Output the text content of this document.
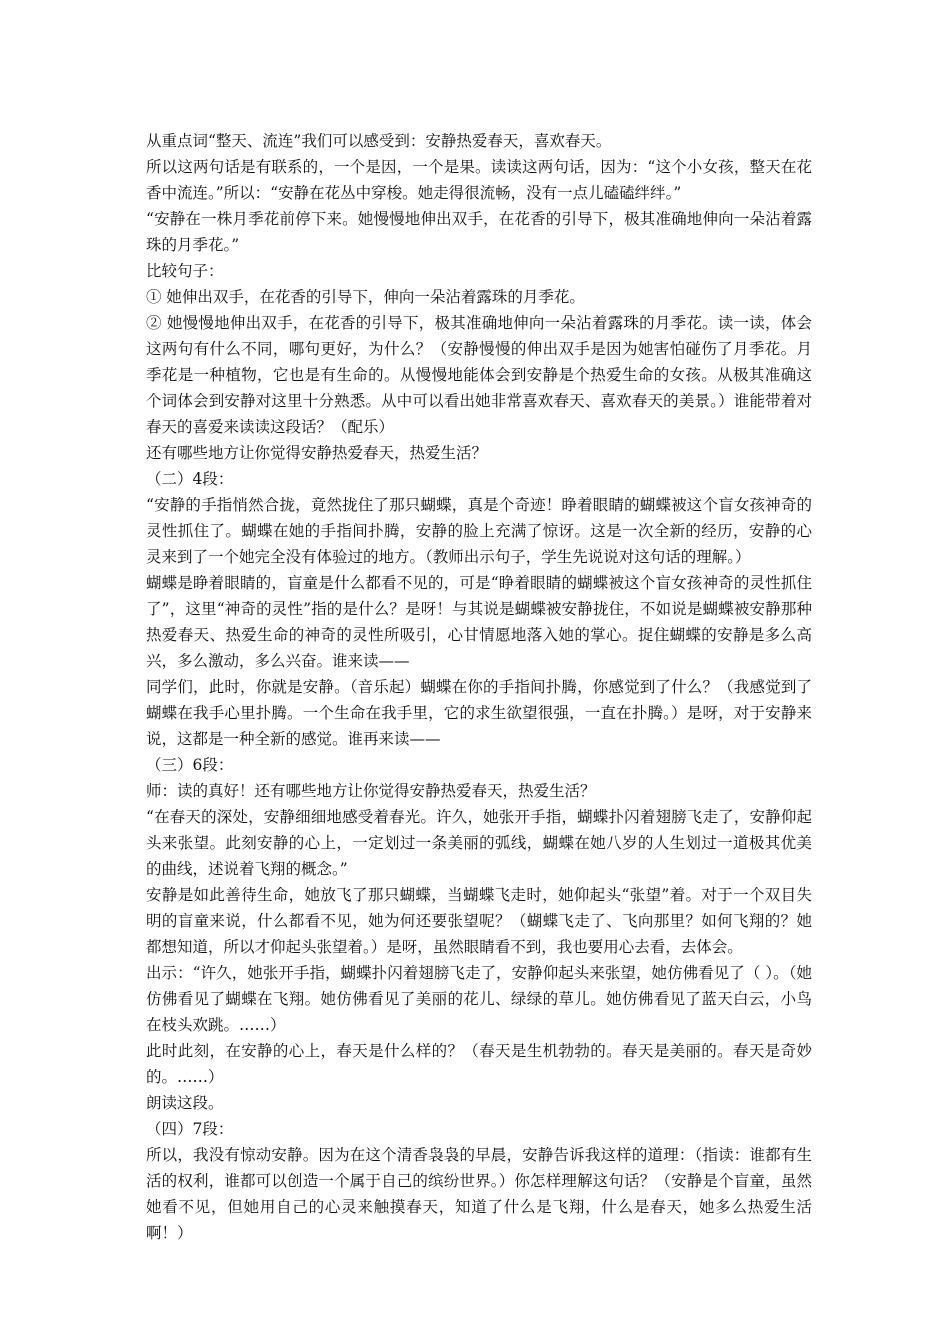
从重点词“整天、流连”我们可以感受到：安静热爱春天，喜欢春天。

所以这两句话是有联系的，一个是因，一个是果。读读这两句话，因为：“这个小女孩，整天在花香中流连。”所以：“安静在花丛中穿梭。她走得很流畅，没有一点儿磕磕绊绊。”

“安静在一株月季花前停下来。她慢慢地伸出双手，在花香的引导下，极其准确地伸向一朵沾着露珠的月季花。”

比较句子：

① 她伸出双手，在花香的引导下，伸向一朵沾着露珠的月季花。

② 她慢慢地伸出双手，在花香的引导下，极其准确地伸向一朵沾着露珠的月季花。读一读，体会这两句有什么不同，哪句更好，为什么？（安静慢慢的伸出双手是因为她害怕碰伤了月季花。月季花是一种植物，它也是有生命的。从慢慢地能体会到安静是个热爱生命的女孩。从极其准确这个词体会到安静对这里十分熟悉。从中可以看出她非常喜欢春天、喜欢春天的美景。）谁能带着对春天的喜爱来读读这段话？（配乐）

还有哪些地方让你觉得安静热爱春天，热爱生活？

（二）4段：

“安静的手指悄然合拢，竟然拢住了那只蝴蝶，真是个奇迹！睁着眼睛的蝴蝶被这个盲女孩神奇的灵性抓住了。蝴蝶在她的手指间扑腾，安静的脸上充满了惊讶。这是一次全新的经历，安静的心灵来到了一个她完全没有体验过的地方。（教师出示句子，学生先说说对这句话的理解。）

蝴蝶是睁着眼睛的，盲童是什么都看不见的，可是“睁着眼睛的蝴蝶被这个盲女孩神奇的灵性抓住了”，这里“神奇的灵性”指的是什么？是呀！与其说是蝴蝶被安静拢住，不如说是蝴蝶被安静那种热爱春天、热爱生命的神奇的灵性所吸引，心甘情愿地落入她的掌心。捉住蝴蝶的安静是多么高兴，多么激动，多么兴奋。谁来读——

同学们，此时，你就是安静。（音乐起）蝴蝶在你的手指间扑腾，你感觉到了什么？（我感觉到了蝴蝶在我手心里扑腾。一个生命在我手里，它的求生欲望很强，一直在扑腾。）是呀，对于安静来说，这都是一种全新的感觉。谁再来读——

（三）6段：

师：读的真好！还有哪些地方让你觉得安静热爱春天，热爱生活？

“在春天的深处，安静细细地感受着春光。许久，她张开手指，蝴蝶扑闪着翅膀飞走了，安静仰起头来张望。此刻安静的心上，一定划过一条美丽的弧线，蝴蝶在她八岁的人生划过一道极其优美的曲线，述说着飞翔的概念。”

安静是如此善待生命，她放飞了那只蝴蝶，当蝴蝶飞走时，她仰起头“张望”着。对于一个双目失明的盲童来说，什么都看不见，她为何还要张望呢？（蝴蝶飞走了、飞向那里？如何飞翔的？她都想知道，所以才仰起头张望着。）是呀，虽然眼睛看不到，我也要用心去看，去体会。

出示：“许久，她张开手指，蝴蝶扑闪着翅膀飞走了，安静仰起头来张望，她仿佛看见了（ ）。（她仿佛看见了蝴蝶在飞翔。她仿佛看见了美丽的花儿、绿绿的草儿。她仿佛看见了蓝天白云，小鸟在枝头欢跳。……）

此时此刻，在安静的心上，春天是什么样的？（春天是生机勃勃的。春天是美丽的。春天是奇妙的。……）

朗读这段。

（四）7段：

所以，我没有惊动安静。因为在这个清香袅袅的早晨，安静告诉我这样的道理：（指读：谁都有生活的权利，谁都可以创造一个属于自己的缤纷世界。）你怎样理解这句话？（安静是个盲童，虽然她看不见，但她用自己的心灵来触摸春天，知道了什么是飞翔，什么是春天，她多么热爱生活啊！）
